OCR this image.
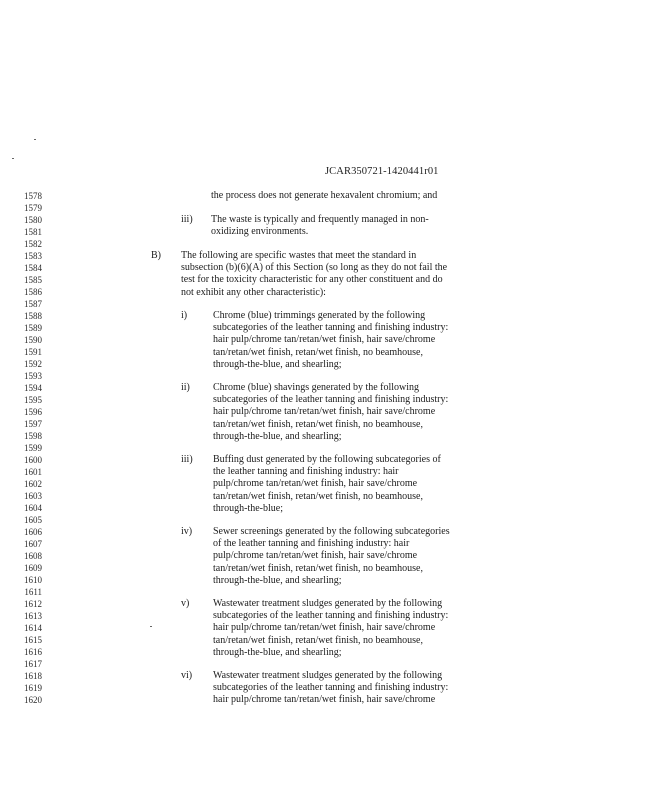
JCAR350721-1420441r01
1578
1579
1580
1581
1582
1583
1584
1585
1586
1587
1588
1589
1590
1591
1592
1593
1594
1595
1596
1597
1598
1599
1600
1601
1602
1603
1604
1605
1606
1607
1608
1609
1610
1611
1612
1613
1614
1615
1616
1617
1618
1619
1620
the process does not generate hexavalent chromium; and
iii) The waste is typically and frequently managed in non-
oxidizing environments.
B) The following are specific wastes that meet the standard in
subsection (b)(6)(A) of this Section (so long as they do not fail the
test for the toxicity characteristic for any other constituent and do
not exhibit any other characteristic):
i)	Chrome (blue) trimmings generated by the following
subcategories of the leather tanning and finishing industry:
hair pulp/chrome tan/retan/wet finish, hair save/chrome
tan/retan/wet finish, retan/wet finish, no beamhouse,
through-the-blue, and shearling;
ii) Chrome (blue) shavings generated by the following
subcategories of the leather tanning and finishing industry:
hair pulp/chrome tan/retan/wet finish, hair save/chrome
tan/retan/wet finish, retan/wet finish, no beamhouse,
through-the-blue, and shearling;
iii) Buffing dust generated by the following subcategories of
the leather tanning and finishing industry: hair
pulp/chrome tan/retan/wet finish, hair save/chrome
tan/retan/wet finish, retan/wet finish, no beamhouse,
through-the-blue;
iv) Sewer screenings generated by the following subcategories
of the leather tanning and finishing industry: hair
pulp/chrome tan/retan/wet finish, hair save/chrome
tan/retan/wet finish, retan/wet finish, no beamhouse,
through-the-blue, and shearling;
v) Wastewater treatment sludges generated by the following
subcategories of the leather tanning and finishing industry:
hair pulp/chrome tan/retan/wet finish, hair save/chrome
tan/retan/wet finish, retan/wet finish, no beamhouse,
through-the-blue, and shearling;
vi) Wastewater treatment sludges generated by the following
subcategories of the leather tanning and finishing industry:
hair pulp/chrome tan/retan/wet finish, hair save/chrome
